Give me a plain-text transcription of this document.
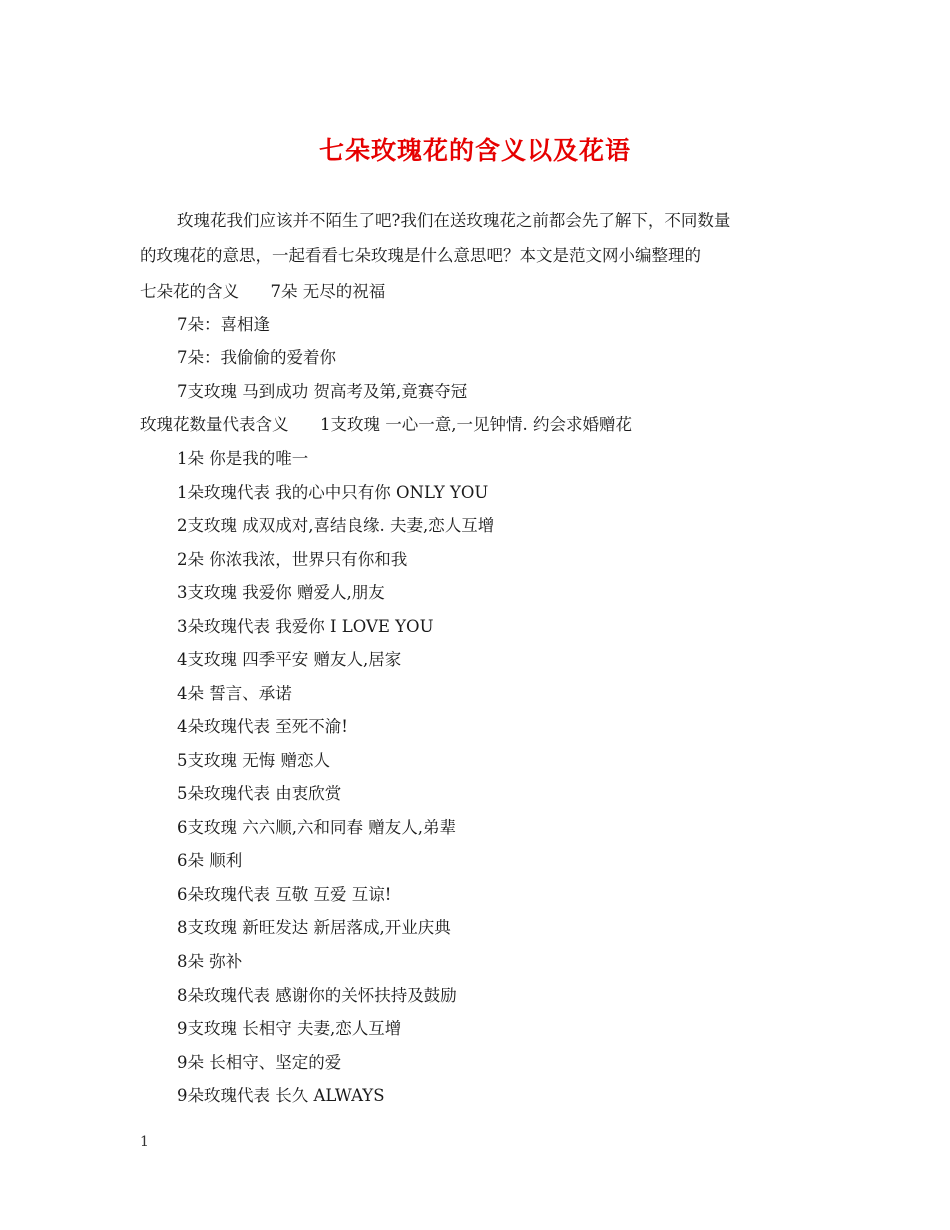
七朵玫瑰花的含义以及花语
玫瑰花我们应该并不陌生了吧?我们在送玫瑰花之前都会先了解下，不同数量
的玫瑰花的意思，一起看看七朵玫瑰是什么意思吧？本文是范文网小编整理的
七朵花的含义      7朵 无尽的祝福
7朵：喜相逢
7朵：我偷偷的爱着你
7支玫瑰 马到成功 贺高考及第,竟赛夺冠
玫瑰花数量代表含义      1支玫瑰 一心一意,一见钟情. 约会求婚赠花
1朵 你是我的唯一
1朵玫瑰代表 我的心中只有你 ONLY YOU
2支玫瑰 成双成对,喜结良缘. 夫妻,恋人互增
2朵 你浓我浓，世界只有你和我
3支玫瑰 我爱你 赠爱人,朋友
3朵玫瑰代表 我爱你 I LOVE YOU
4支玫瑰 四季平安 赠友人,居家
4朵 誓言、承诺
4朵玫瑰代表 至死不渝!
5支玫瑰 无悔 赠恋人
5朵玫瑰代表 由衷欣赏
6支玫瑰 六六顺,六和同春 赠友人,弟辈
6朵 顺利
6朵玫瑰代表 互敬 互爱 互谅!
8支玫瑰 新旺发达 新居落成,开业庆典
8朵 弥补
8朵玫瑰代表 感谢你的关怀扶持及鼓励
9支玫瑰 长相守 夫妻,恋人互增
9朵 长相守、坚定的爱
9朵玫瑰代表 长久 ALWAYS
1
